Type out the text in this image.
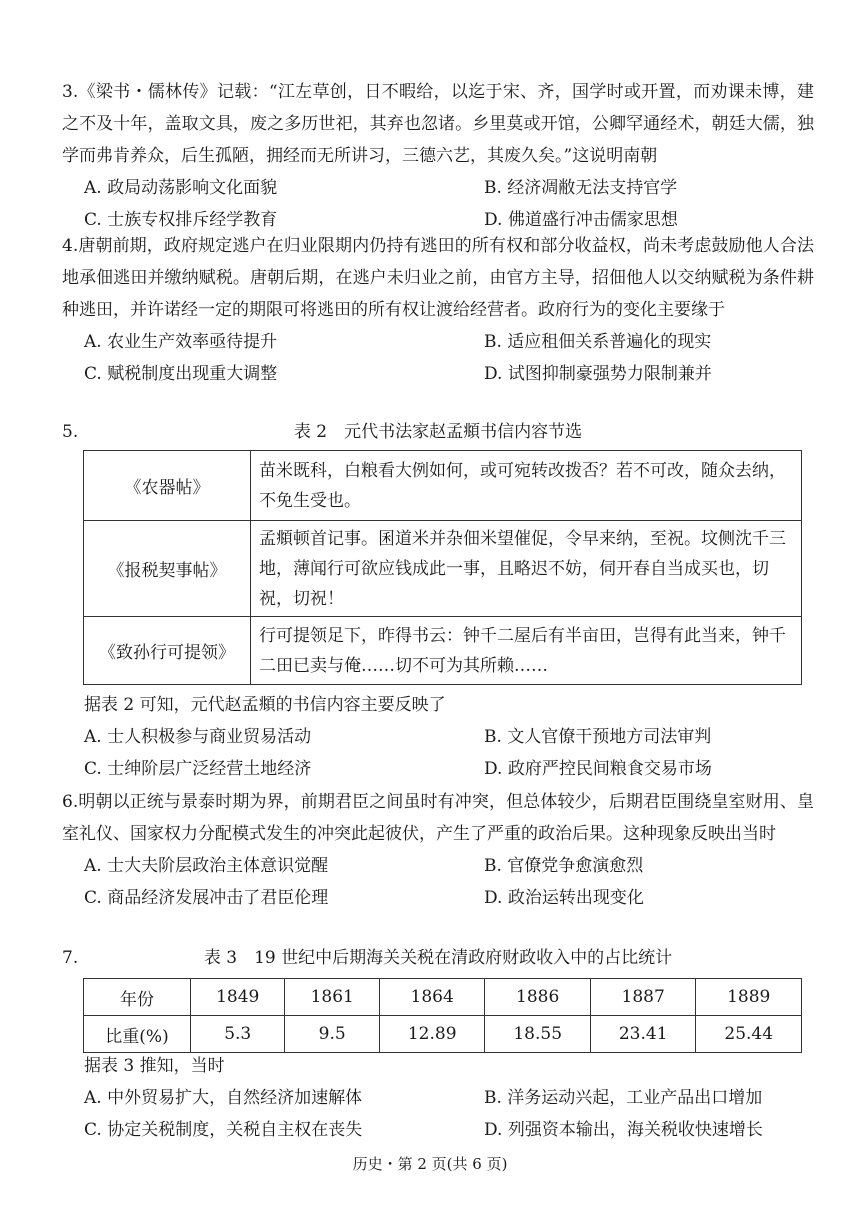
3.《梁书・儒林传》记载：“江左草创，日不暇给，以迄于宋、齐，国学时或开置，而劝课未博，建之不及十年，盖取文具，废之多历世祀，其弃也忽诸。乡里莫或开馆，公卿罕通经术，朝廷大儒，独学而弗肯养众，后生孤陋，拥经而无所讲习，三德六艺，其废久矣。”这说明南朝

A. 政局动荡影响文化面貌	B. 经济凋敝无法支持官学
C. 士族专权排斥经学教育	D. 佛道盛行冲击儒家思想

4.唐朝前期，政府规定逃户在归业限期内仍持有逃田的所有权和部分收益权，尚未考虑鼓励他人合法地承佃逃田并缴纳赋税。唐朝后期，在逃户未归业之前，由官方主导，招佃他人以交纳赋税为条件耕种逃田，并许诺经一定的期限可将逃田的所有权让渡给经营者。政府行为的变化主要缘于

A. 农业生产效率亟待提升	B. 适应租佃关系普遍化的现实
C. 赋税制度出现重大调整	D. 试图抑制豪强势力限制兼并
5.	表 2　元代书法家赵孟頫书信内容节选
《农器帖》	苗米既科，白粮看大例如何，或可宛转改拨否？若不可改，随众去纳，不免生受也。
《报税契事帖》	孟頫顿首记事。囷道米并杂佃米望催促，令早来纳，至祝。坟侧沈千三地，薄闻行可欲应钱成此一事，且略迟不妨，伺开春自当成买也，切祝，切祝！
《致孙行可提领》	行可提领足下，昨得书云：钟千二屋后有半亩田，岂得有此当来，钟千二田已卖与俺……切不可为其所赖……
据表 2 可知，元代赵孟頫的书信内容主要反映了
A. 士人积极参与商业贸易活动	B. 文人官僚干预地方司法审判
C. 士绅阶层广泛经营土地经济	D. 政府严控民间粮食交易市场

6.明朝以正统与景泰时期为界，前期君臣之间虽时有冲突，但总体较少，后期君臣围绕皇室财用、皇室礼仪、国家权力分配模式发生的冲突此起彼伏，产生了严重的政治后果。这种现象反映出当时

A. 士大夫阶层政治主体意识觉醒	B. 官僚党争愈演愈烈
C. 商品经济发展冲击了君臣伦理	D. 政治运转出现变化
7.	表 3　19 世纪中后期海关关税在清政府财政收入中的占比统计
年份	1849	1861	1864	1886	1887	1889
比重(%)	5.3	9.5	12.89	18.55	23.41	25.44
据表 3 推知，当时
A. 中外贸易扩大，自然经济加速解体	B. 洋务运动兴起，工业产品出口增加
C. 协定关税制度，关税自主权在丧失	D. 列强资本输出，海关税收快速增长
历史・第 2 页(共 6 页)
